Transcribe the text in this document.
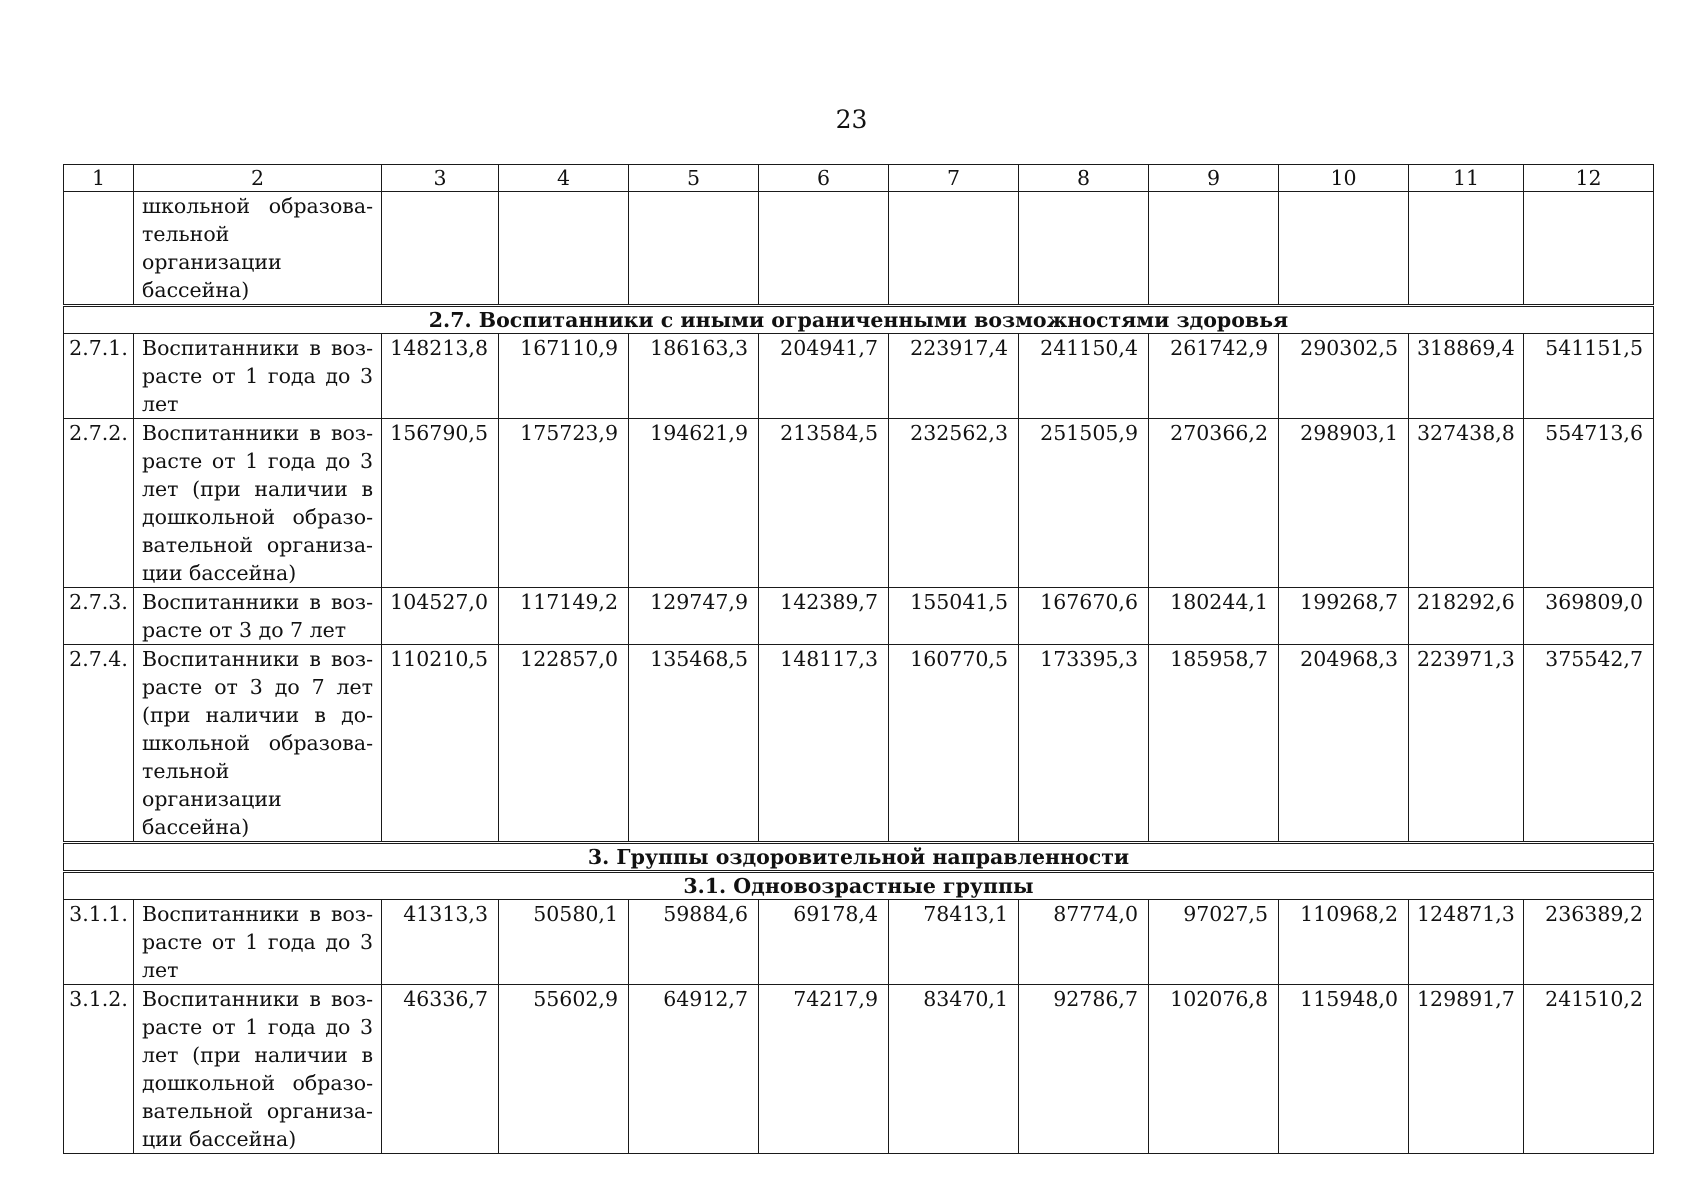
23
1	2	3	4	5	6	7	8	9	10	11	12
	школьной образова-тельной организации бассейна)										
2.7. Воспитанники с иными ограниченными возможностями здоровья											
2.7.1.	Воспитанники в воз-расте от 1 года до 3 лет	148213,8	167110,9	186163,3	204941,7	223917,4	241150,4	261742,9	290302,5	318869,4	541151,5
2.7.2.	Воспитанники в воз-расте от 1 года до 3 лет (при наличии в дошкольной образо-вательной организа-ции бассейна)	156790,5	175723,9	194621,9	213584,5	232562,3	251505,9	270366,2	298903,1	327438,8	554713,6
2.7.3.	Воспитанники в воз-расте от 3 до 7 лет	104527,0	117149,2	129747,9	142389,7	155041,5	167670,6	180244,1	199268,7	218292,6	369809,0
2.7.4.	Воспитанники в воз-расте от 3 до 7 лет (при наличии в до-школьной образова-тельной организации бассейна)	110210,5	122857,0	135468,5	148117,3	160770,5	173395,3	185958,7	204968,3	223971,3	375542,7
3. Группы оздоровительной направленности											
3.1. Одновозрастные группы											
3.1.1.	Воспитанники в воз-расте от 1 года до 3 лет	41313,3	50580,1	59884,6	69178,4	78413,1	87774,0	97027,5	110968,2	124871,3	236389,2
3.1.2.	Воспитанники в воз-расте от 1 года до 3 лет (при наличии в дошкольной образо-вательной организа-ции бассейна)	46336,7	55602,9	64912,7	74217,9	83470,1	92786,7	102076,8	115948,0	129891,7	241510,2
